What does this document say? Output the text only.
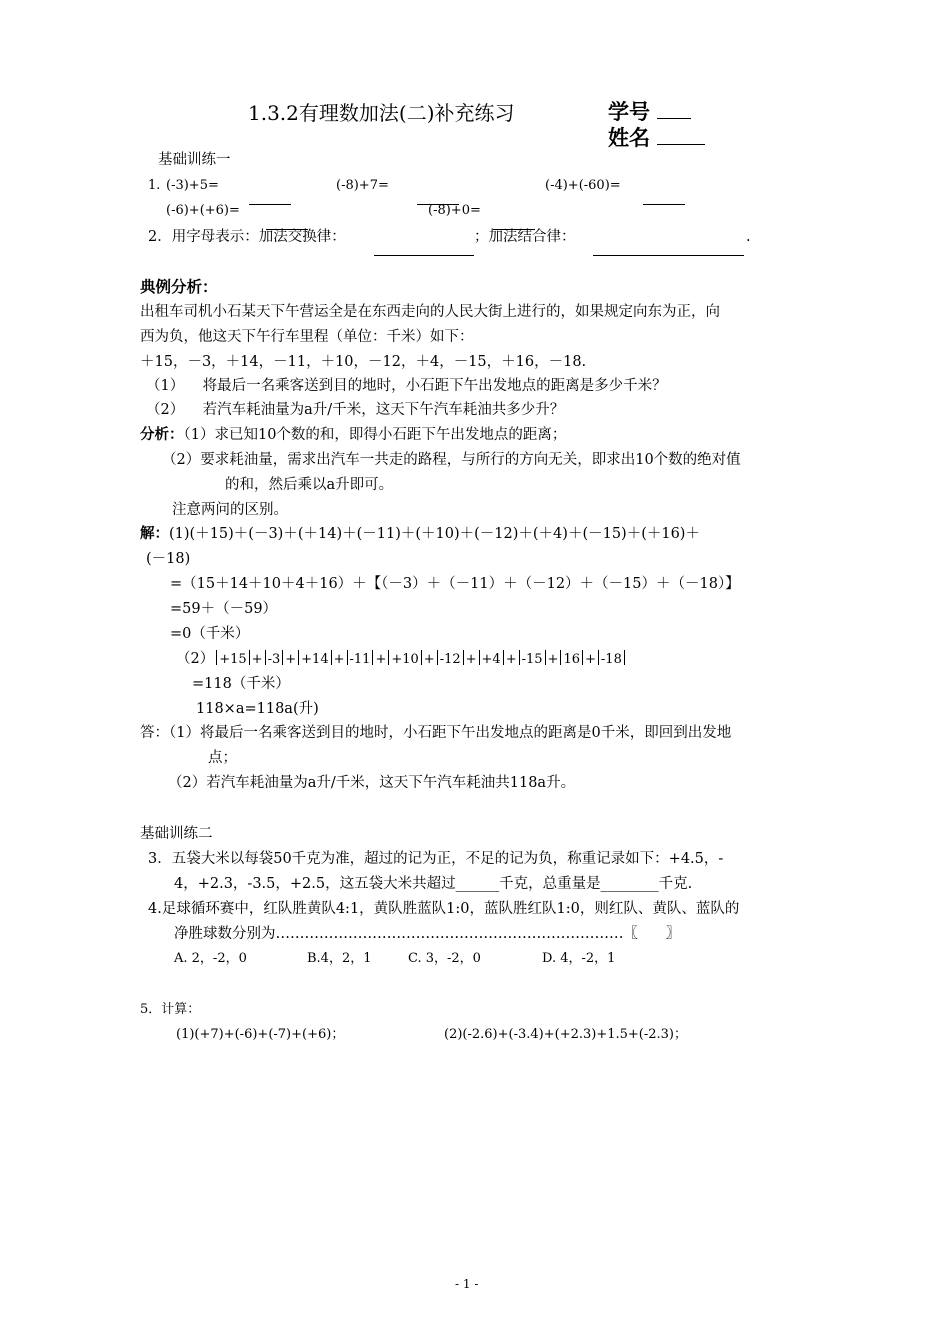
1.3.2有理数加法(二)补充练习	学号
姓名
基础训练一
1. (-3)+5=	(-8)+7=	(-4)+(-60)=
(-6)+(+6)=	(-8)+0=
2．用字母表示：加法交换律：	；加法结合律：	.
典例分析：
出租车司机小石某天下午营运全是在东西走向的人民大街上进行的，如果规定向东为正，向
西为负，他这天下午行车里程（单位：千米）如下：
＋15，－3，＋14，－11，＋10，－12，＋4，－15，＋16，－18.
（1）    将最后一名乘客送到目的地时，小石距下午出发地点的距离是多少千米？
（2）    若汽车耗油量为a升/千米，这天下午汽车耗油共多少升？
分析：（1）求已知10个数的和，即得小石距下午出发地点的距离；
（2）要求耗油量，需求出汽车一共走的路程，与所行的方向无关，即求出10个数的绝对值
的和，然后乘以a升即可。
注意两问的区别。
解：(1)(＋15)＋(－3)＋(＋14)＋(－11)＋(＋10)＋(－12)＋(＋4)＋(－15)＋(＋16)＋
(－18)
=（15＋14＋10＋4＋16）＋【（－3）＋（－11）＋（－12）＋（－15）＋（－18）】
=59＋（－59）
=0（千米）
（2） +15 + -3 + +14 + -11 + +10 + -12 + +4 + -15 + 16 + -18
=118（千米）
118×a=118a(升)
答：（1）将最后一名乘客送到目的地时，小石距下午出发地点的距离是0千米，即回到出发地
点；
（2）若汽车耗油量为a升/千米，这天下午汽车耗油共118a升。
基础训练二
3．五袋大米以每袋50千克为准，超过的记为正，不足的记为负，称重记录如下：+4.5，-
4，+2.3，-3.5，+2.5，这五袋大米共超过______千克，总重量是________千克.
4.足球循环赛中，红队胜黄队4:1，黄队胜蓝队1:0，蓝队胜红队1:0，则红队、黄队、蓝队的
净胜球数分别为………………………………………………………………〖      〗
A. 2，-2，0	B.4，2，1	C. 3，-2，0	D. 4，-2，1
5．计算：
(1)(+7)+(-6)+(-7)+(+6)；	(2)(-2.6)+(-3.4)+(+2.3)+1.5+(-2.3)；
- 1 -
